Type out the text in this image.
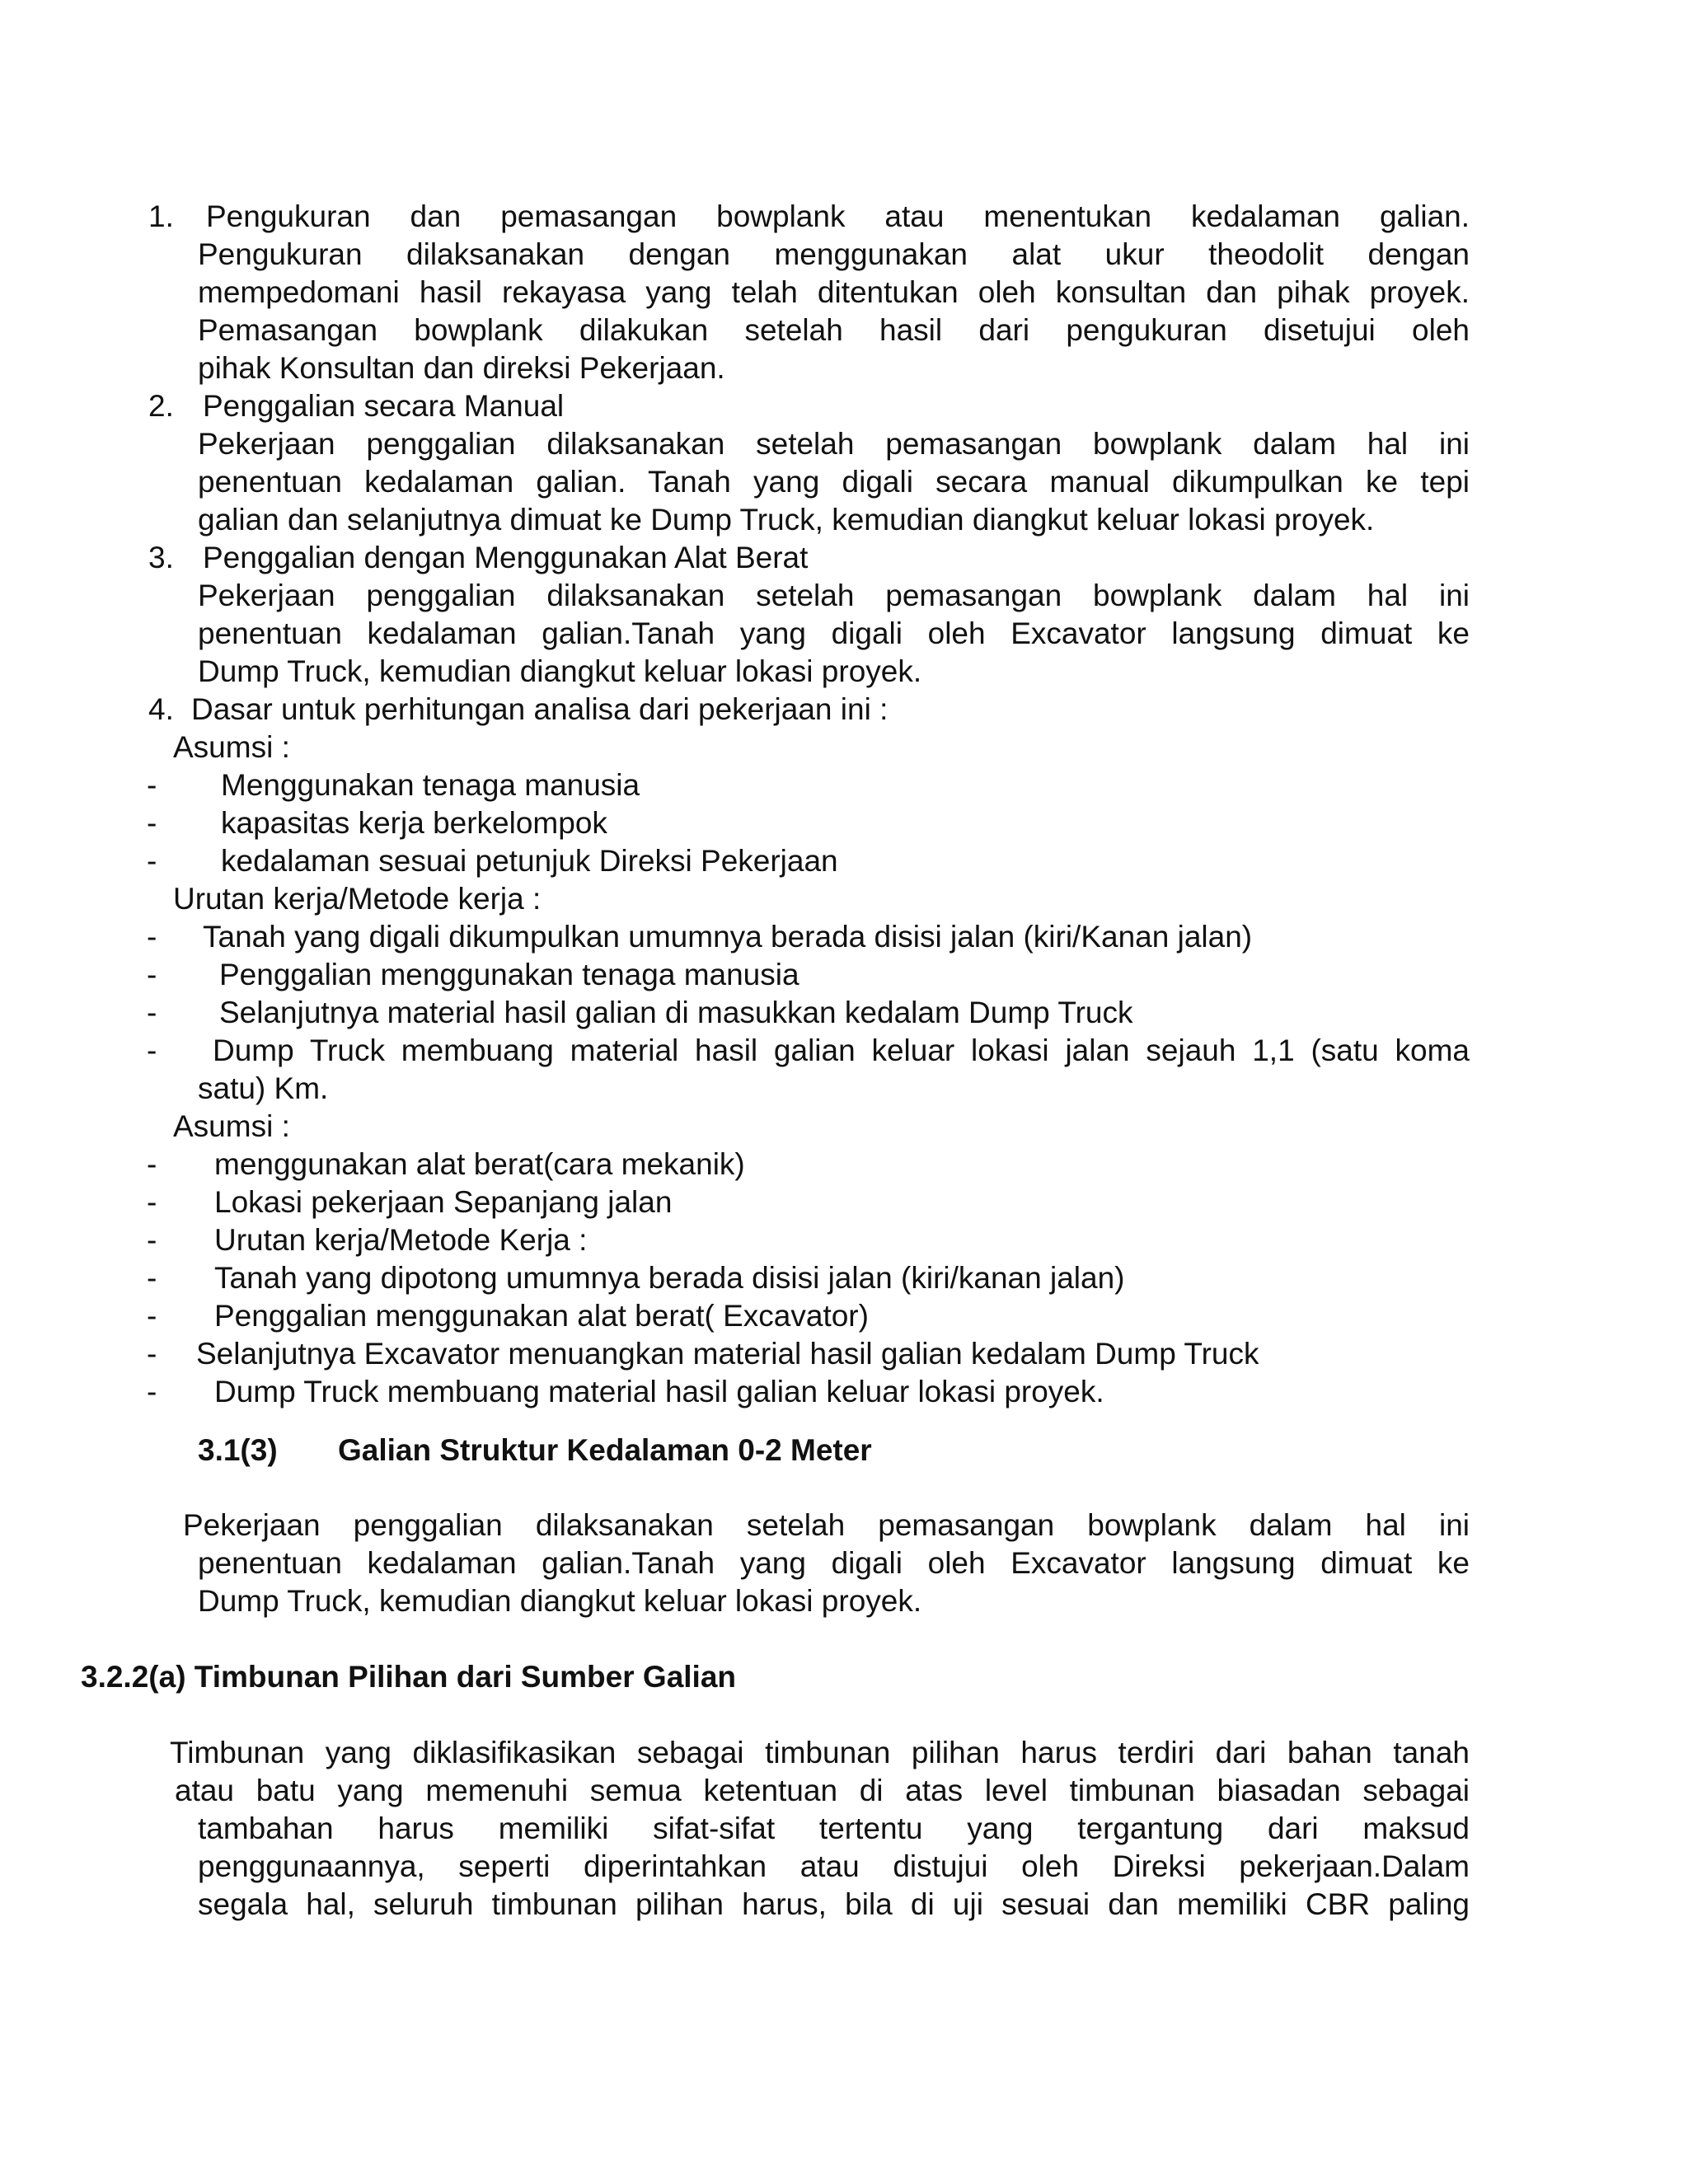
1. Pengukuran dan pemasangan bowplank atau menentukan kedalaman galian.
Pengukuran dilaksanakan dengan menggunakan alat ukur theodolit dengan
mempedomani hasil rekayasa yang telah ditentukan oleh konsultan dan pihak proyek.
Pemasangan bowplank dilakukan setelah hasil dari pengukuran disetujui oleh
pihak Konsultan dan direksi Pekerjaan.
2. Penggalian secara Manual
Pekerjaan penggalian dilaksanakan setelah pemasangan bowplank dalam hal ini
penentuan kedalaman galian. Tanah yang digali secara manual dikumpulkan ke tepi
galian dan selanjutnya dimuat ke Dump Truck, kemudian diangkut keluar lokasi proyek.
3. Penggalian dengan Menggunakan Alat Berat
Pekerjaan penggalian dilaksanakan setelah pemasangan bowplank dalam hal ini
penentuan kedalaman galian.Tanah yang digali oleh Excavator langsung dimuat ke
Dump Truck, kemudian diangkut keluar lokasi proyek.
4. Dasar untuk perhitungan analisa dari pekerjaan ini :
Asumsi :
- Menggunakan tenaga manusia
- kapasitas kerja berkelompok
- kedalaman sesuai petunjuk Direksi Pekerjaan
Urutan kerja/Metode kerja :
- Tanah yang digali dikumpulkan umumnya berada disisi jalan (kiri/Kanan jalan)
- Penggalian menggunakan tenaga manusia
- Selanjutnya material hasil galian di masukkan kedalam Dump Truck
- Dump Truck membuang material hasil galian keluar lokasi jalan sejauh 1,1 (satu koma
satu) Km.
Asumsi :
- menggunakan alat berat(cara mekanik)
- Lokasi pekerjaan Sepanjang jalan
- Urutan kerja/Metode Kerja :
- Tanah yang dipotong umumnya berada disisi jalan (kiri/kanan jalan)
- Penggalian menggunakan alat berat( Excavator)
- Selanjutnya Excavator menuangkan material hasil galian kedalam Dump Truck
- Dump Truck membuang material hasil galian keluar lokasi proyek.
3.1(3) Galian Struktur Kedalaman 0-2 Meter
Pekerjaan penggalian dilaksanakan setelah pemasangan bowplank dalam hal ini
penentuan kedalaman galian.Tanah yang digali oleh Excavator langsung dimuat ke
Dump Truck, kemudian diangkut keluar lokasi proyek.
3.2.2(a) Timbunan Pilihan dari Sumber Galian
Timbunan yang diklasifikasikan sebagai timbunan pilihan harus terdiri dari bahan tanah
atau batu yang memenuhi semua ketentuan di atas level timbunan biasadan sebagai
tambahan harus memiliki sifat-sifat tertentu yang tergantung dari maksud
penggunaannya, seperti diperintahkan atau distujui oleh Direksi pekerjaan.Dalam
segala hal, seluruh timbunan pilihan harus, bila di uji sesuai dan memiliki CBR paling
